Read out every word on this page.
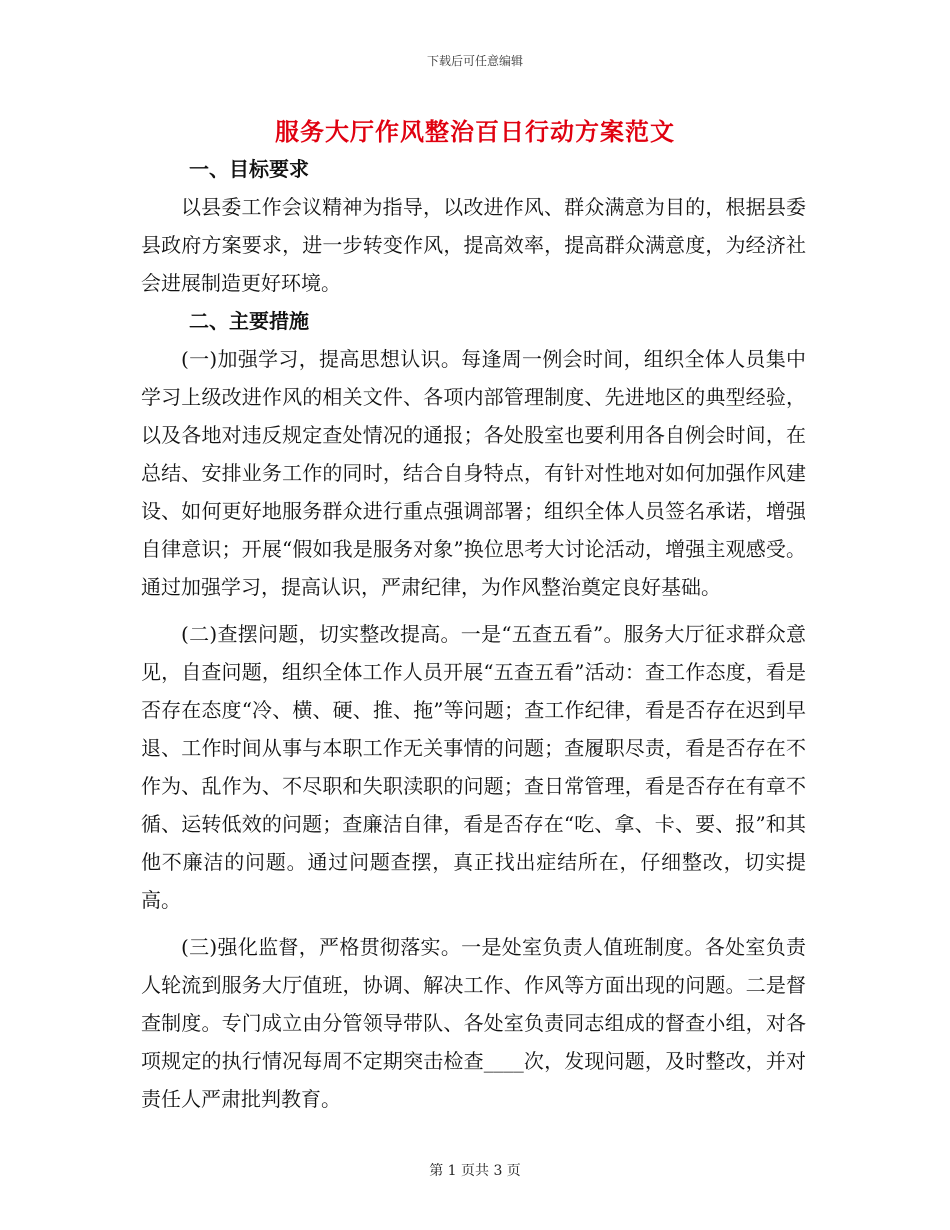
下载后可任意编辑
服务大厅作风整治百日行动方案范文

一、目标要求

以县委工作会议精神为指导，以改进作风、群众满意为目的，根据县委县政府方案要求，进一步转变作风，提高效率，提高群众满意度，为经济社会进展制造更好环境。

二、主要措施

(一)加强学习，提高思想认识。每逢周一例会时间，组织全体人员集中学习上级改进作风的相关文件、各项内部管理制度、先进地区的典型经验，以及各地对违反规定查处情况的通报；各处股室也要利用各自例会时间，在总结、安排业务工作的同时，结合自身特点，有针对性地对如何加强作风建设、如何更好地服务群众进行重点强调部署；组织全体人员签名承诺，增强自律意识；开展“假如我是服务对象”换位思考大讨论活动，增强主观感受。通过加强学习，提高认识，严肃纪律，为作风整治奠定良好基础。

(二)查摆问题，切实整改提高。一是“五查五看”。服务大厅征求群众意见，自查问题，组织全体工作人员开展“五查五看”活动：查工作态度，看是否存在态度“冷、横、硬、推、拖”等问题；查工作纪律，看是否存在迟到早退、工作时间从事与本职工作无关事情的问题；查履职尽责，看是否存在不作为、乱作为、不尽职和失职渎职的问题；查日常管理，看是否存在有章不循、运转低效的问题；查廉洁自律，看是否存在“吃、拿、卡、要、报”和其他不廉洁的问题。通过问题查摆，真正找出症结所在，仔细整改，切实提高。

(三)强化监督，严格贯彻落实。一是处室负责人值班制度。各处室负责人轮流到服务大厅值班，协调、解决工作、作风等方面出现的问题。二是督查制度。专门成立由分管领导带队、各处室负责同志组成的督查小组，对各项规定的执行情况每周不定期突击检查____次，发现问题，及时整改，并对责任人严肃批判教育。

第 1 页共 3 页
